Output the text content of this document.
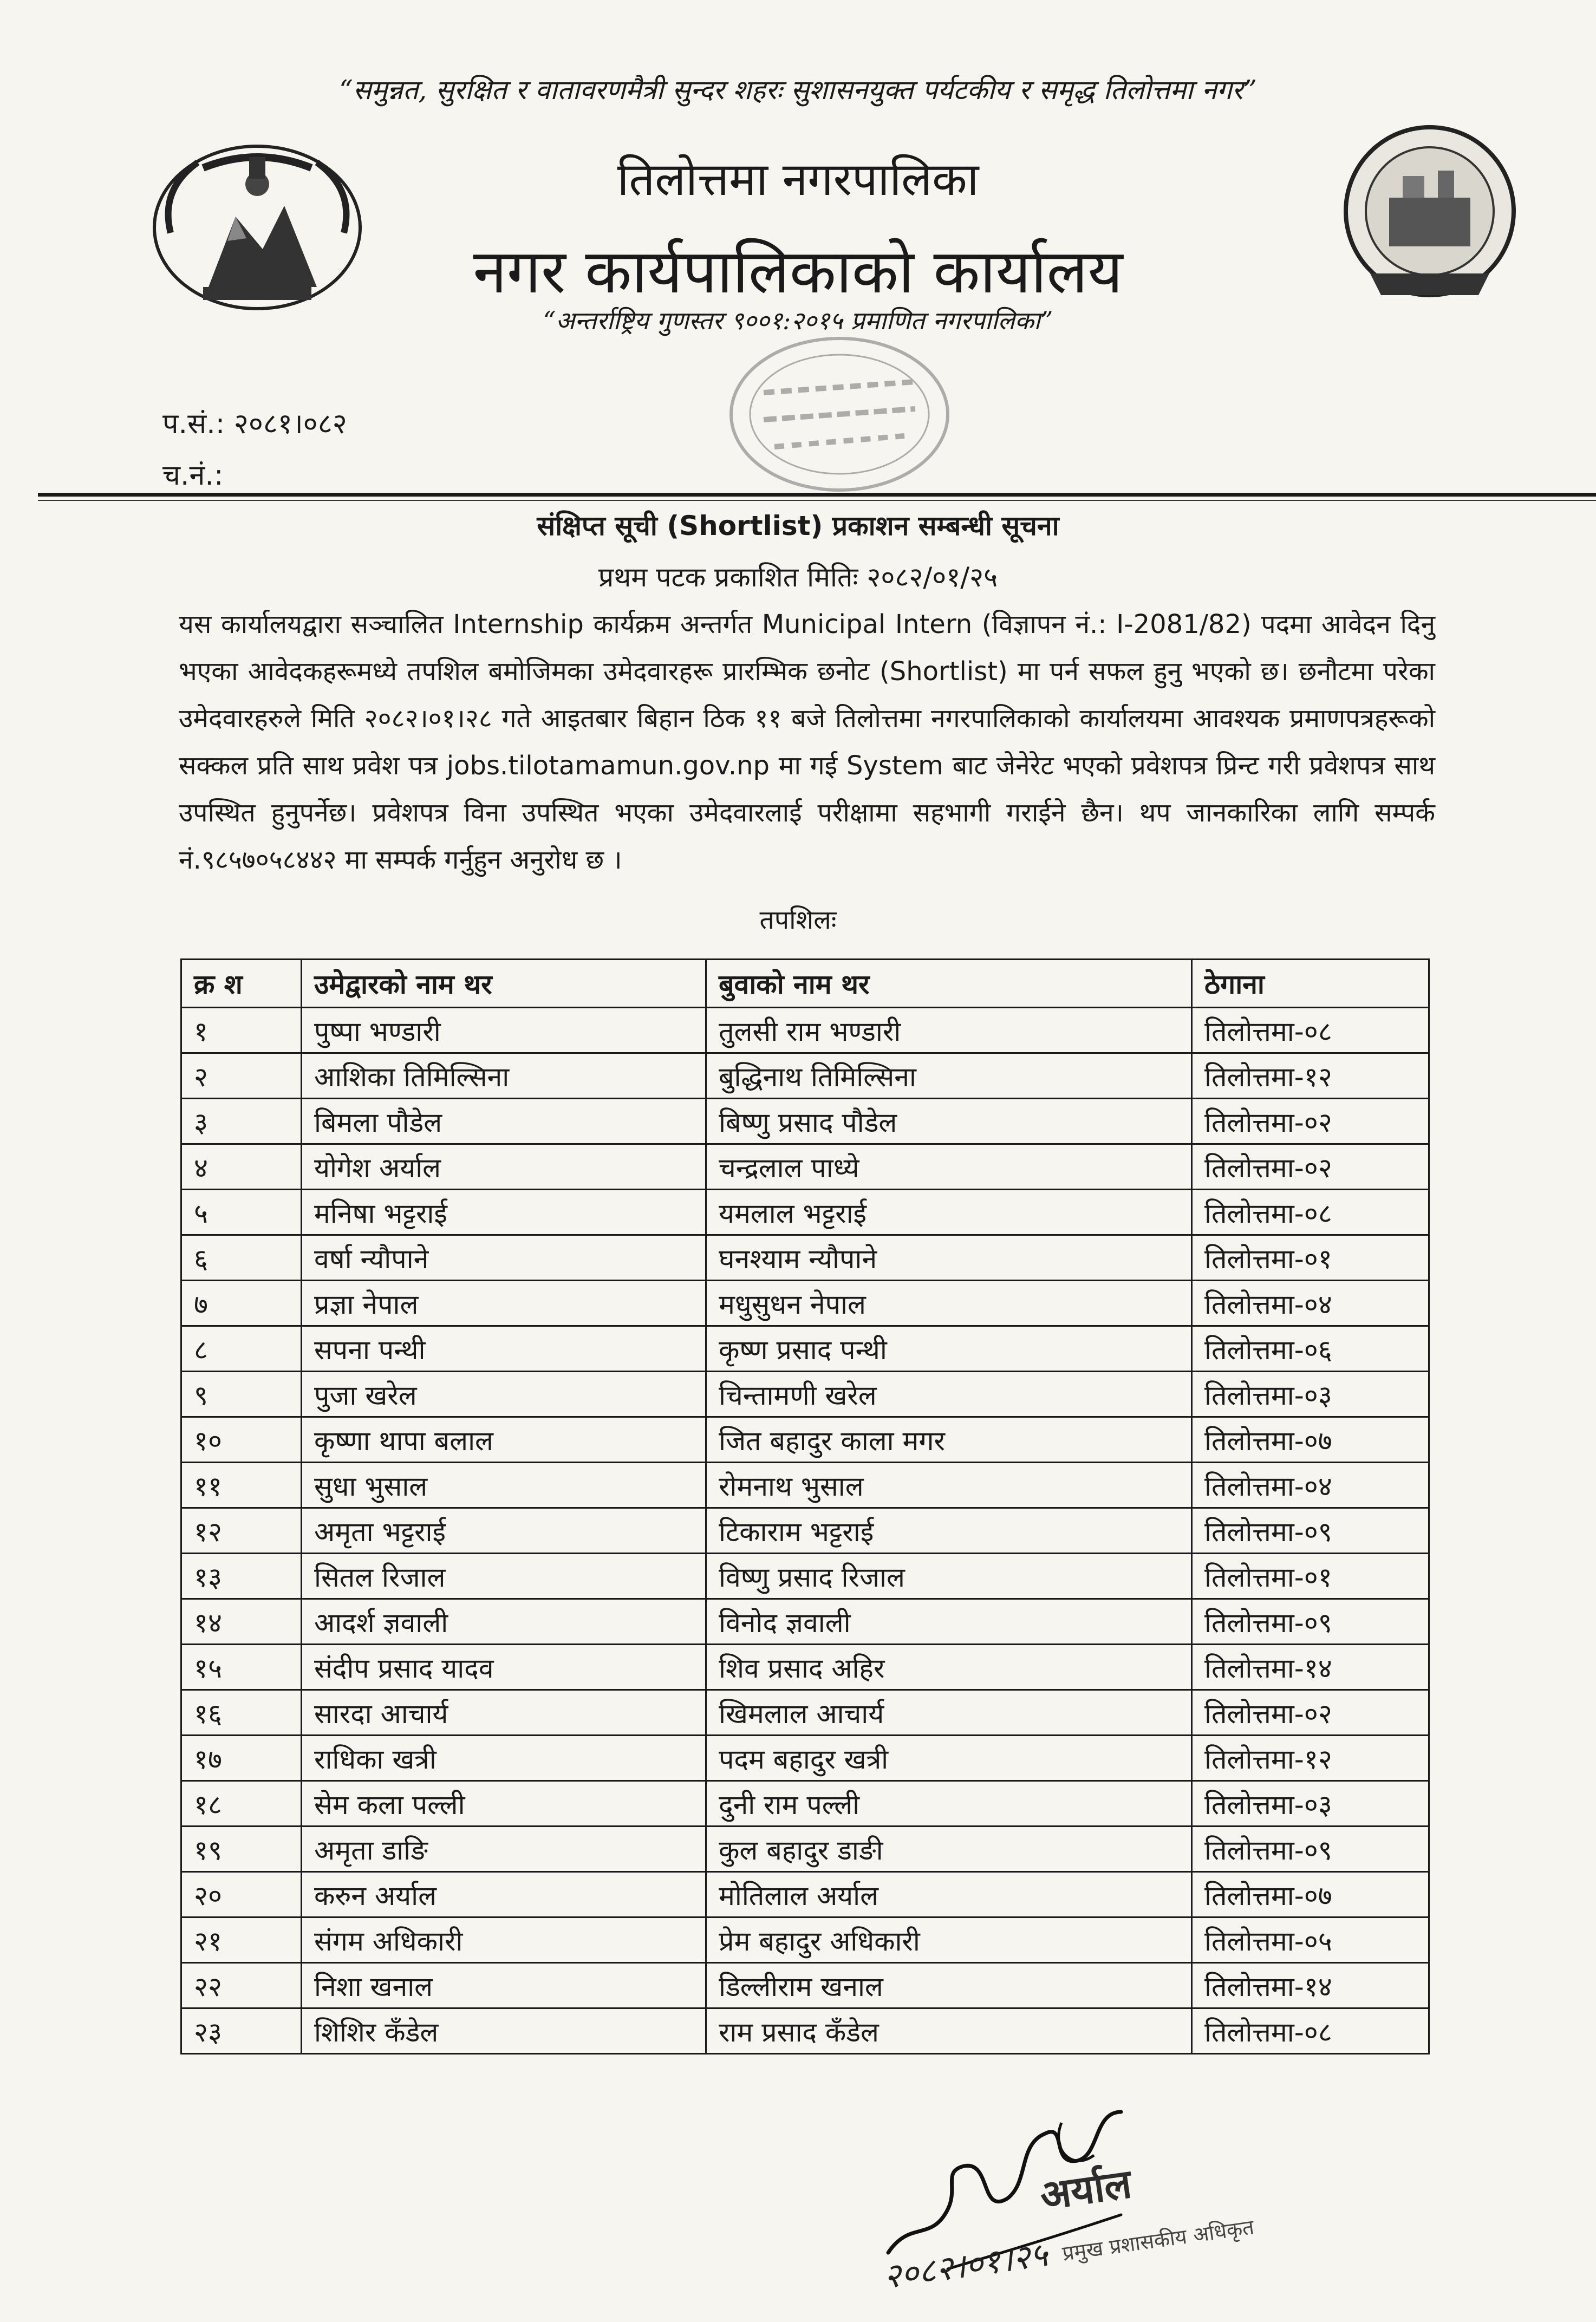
“समुन्नत, सुरक्षित र वातावरणमैत्री सुन्दर शहरः सुशासनयुक्त पर्यटकीय र समृद्ध तिलोत्तमा नगर”
तिलोत्तमा नगरपालिका
नगर कार्यपालिकाको कार्यालय
“अन्तर्राष्ट्रिय गुणस्तर ९००१:२०१५ प्रमाणित नगरपालिका”
प.सं.: २०८१।०८२
च.नं.:
संक्षिप्त सूची (Shortlist) प्रकाशन सम्बन्धी सूचना
प्रथम पटक प्रकाशित मितिः २०८२/०१/२५
यस कार्यालयद्वारा सञ्चालित Internship कार्यक्रम अन्तर्गत Municipal Intern (विज्ञापन नं.: I-2081/82) पदमा आवेदन दिनु भएका आवेदकहरूमध्ये तपशिल बमोजिमका उमेदवारहरू प्रारम्भिक छनोट (Shortlist) मा पर्न सफल हुनु भएको छ। छनौटमा परेका उमेदवारहरुले मिति २०८२।०१।२८ गते आइतबार बिहान ठिक ११ बजे तिलोत्तमा नगरपालिकाको कार्यालयमा आवश्यक प्रमाणपत्रहरूको सक्कल प्रति साथ प्रवेश पत्र jobs.tilotamamun.gov.np मा गई System बाट जेनेरेट भएको प्रवेशपत्र प्रिन्ट गरी प्रवेशपत्र साथ उपस्थित हुनुपर्नेछ। प्रवेशपत्र विना उपस्थित भएका उमेदवारलाई परीक्षामा सहभागी गराईने छैन। थप जानकारिका लागि सम्पर्क नं.९८५७०५८४४२ मा सम्पर्क गर्नुहुन अनुरोध छ ।
तपशिलः
क्र श	उमेद्वारको नाम थर	बुवाको नाम थर	ठेगाना
१	पुष्पा भण्डारी	तुलसी राम भण्डारी	तिलोत्तमा-०८
२	आशिका तिमिल्सिना	बुद्धिनाथ तिमिल्सिना	तिलोत्तमा-१२
३	बिमला पौडेल	बिष्णु प्रसाद पौडेल	तिलोत्तमा-०२
४	योगेश अर्याल	चन्द्रलाल पाध्ये	तिलोत्तमा-०२
५	मनिषा भट्टराई	यमलाल भट्टराई	तिलोत्तमा-०८
६	वर्षा न्यौपाने	घनश्याम न्यौपाने	तिलोत्तमा-०१
७	प्रज्ञा नेपाल	मधुसुधन नेपाल	तिलोत्तमा-०४
८	सपना पन्थी	कृष्ण प्रसाद पन्थी	तिलोत्तमा-०६
९	पुजा खरेल	चिन्तामणी खरेल	तिलोत्तमा-०३
१०	कृष्णा थापा बलाल	जित बहादुर काला मगर	तिलोत्तमा-०७
११	सुधा भुसाल	रोमनाथ भुसाल	तिलोत्तमा-०४
१२	अमृता भट्टराई	टिकाराम भट्टराई	तिलोत्तमा-०९
१३	सितल रिजाल	विष्णु प्रसाद रिजाल	तिलोत्तमा-०१
१४	आदर्श ज्ञवाली	विनोद ज्ञवाली	तिलोत्तमा-०९
१५	संदीप प्रसाद यादव	शिव प्रसाद अहिर	तिलोत्तमा-१४
१६	सारदा आचार्य	खिमलाल आचार्य	तिलोत्तमा-०२
१७	राधिका खत्री	पदम बहादुर खत्री	तिलोत्तमा-१२
१८	सेम कला पल्ली	दुनी राम पल्ली	तिलोत्तमा-०३
१९	अमृता डाङि	कुल बहादुर डाङी	तिलोत्तमा-०९
२०	करुन अर्याल	मोतिलाल अर्याल	तिलोत्तमा-०७
२१	संगम अधिकारी	प्रेम बहादुर अधिकारी	तिलोत्तमा-०५
२२	निशा खनाल	डिल्लीराम खनाल	तिलोत्तमा-१४
२३	शिशिर कँडेल	राम प्रसाद कँडेल	तिलोत्तमा-०८
२०८२।०१।२५
अर्याल
प्रमुख प्रशासकीय अधिकृत
